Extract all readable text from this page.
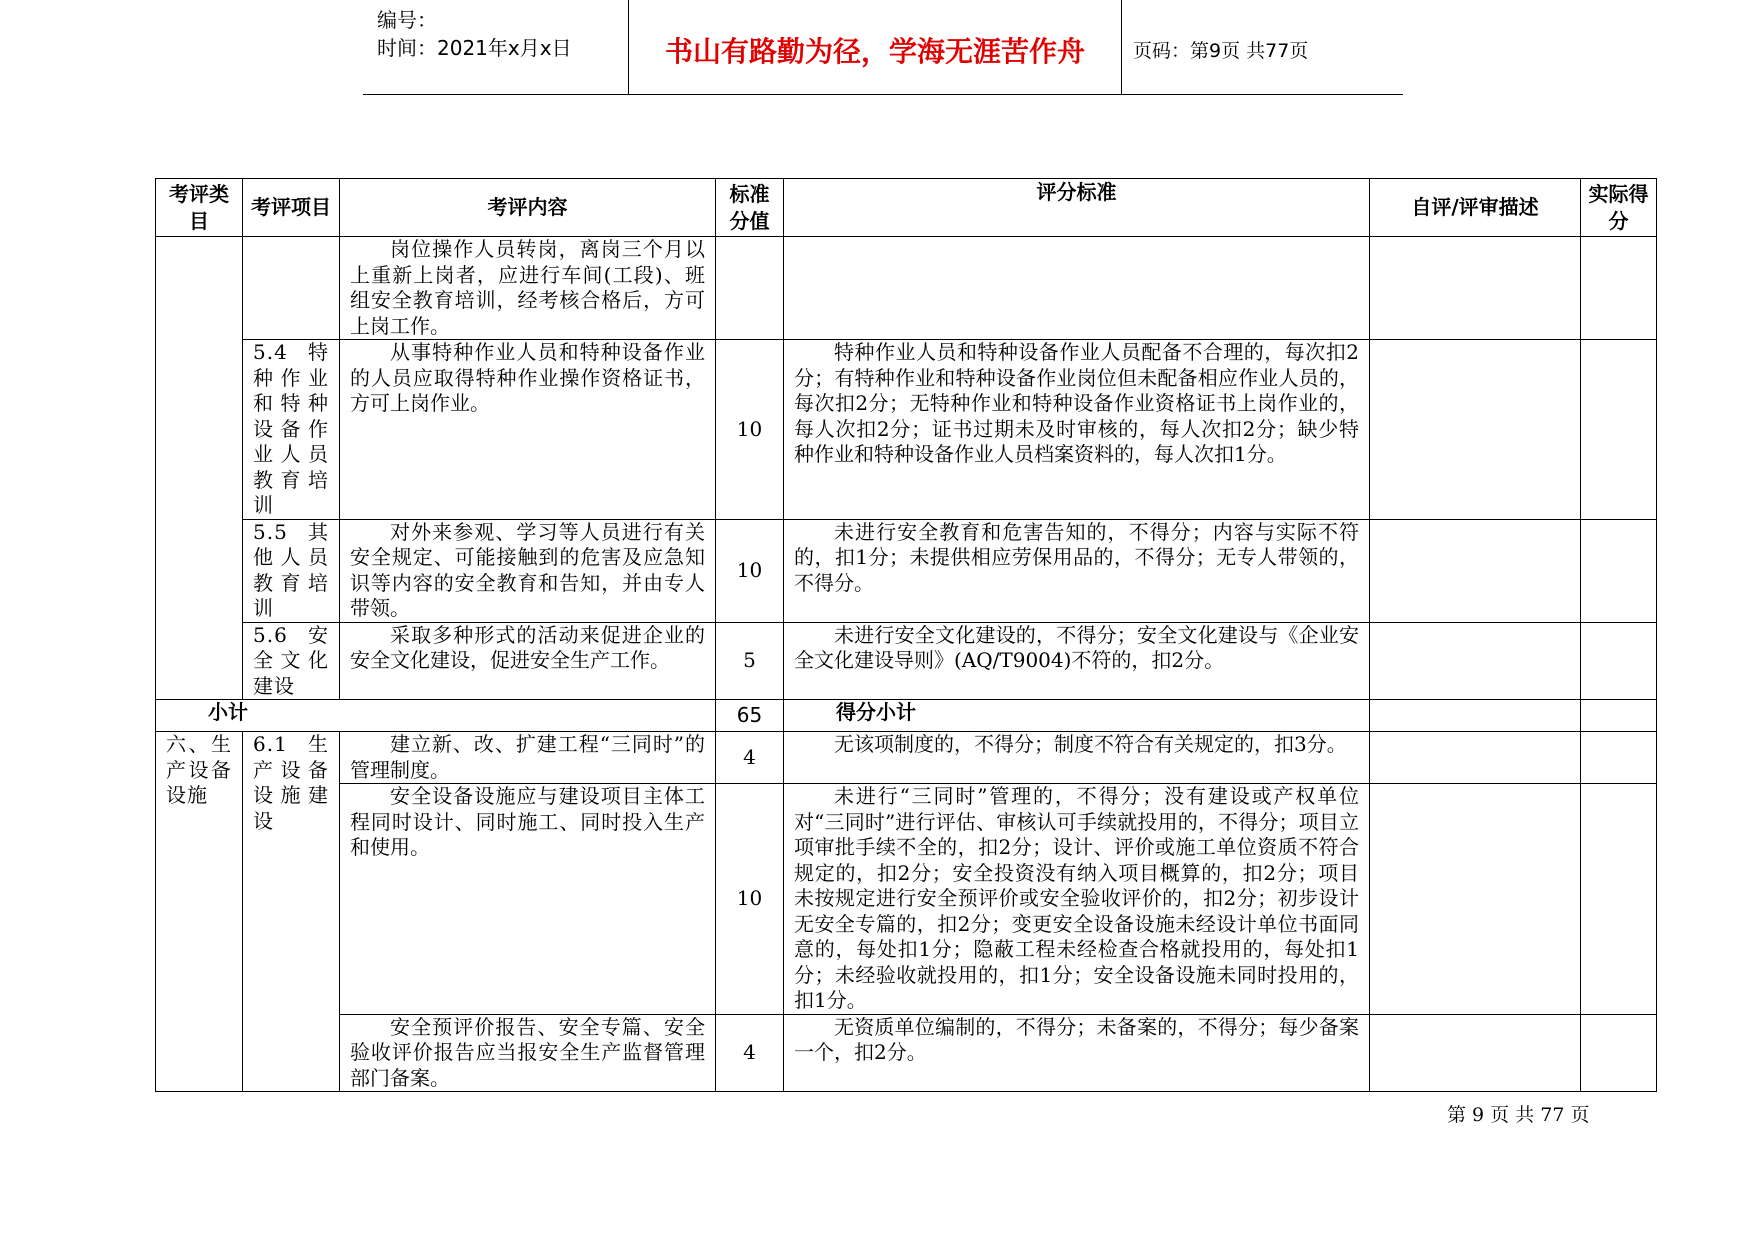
编号：
时间：2021年x月x日	书山有路勤为径，学海无涯苦作舟	页码：第9页 共77页
考评类目	考评项目	考评内容	标准分值	评分标准	自评/评审描述	实际得分
		岗位操作人员转岗，离岗三个月以上重新上岗者，应进行车间(工段)、班组安全教育培训，经考核合格后，方可上岗工作。				
	5.4 特种作业和特种设备作业人员教育培训	从事特种作业人员和特种设备作业的人员应取得特种作业操作资格证书，方可上岗作业。	10	特种作业人员和特种设备作业人员配备不合理的，每次扣2分；有特种作业和特种设备作业岗位但未配备相应作业人员的，每次扣2分；无特种作业和特种设备作业资格证书上岗作业的，每人次扣2分；证书过期未及时审核的，每人次扣2分；缺少特种作业和特种设备作业人员档案资料的，每人次扣1分。		
	5.5 其他人员教育培训	对外来参观、学习等人员进行有关安全规定、可能接触到的危害及应急知识等内容的安全教育和告知，并由专人带领。	10	未进行安全教育和危害告知的，不得分；内容与实际不符的，扣1分；未提供相应劳保用品的，不得分；无专人带领的，不得分。		
	5.6 安全文化建设	采取多种形式的活动来促进企业的安全文化建设，促进安全生产工作。	5	未进行安全文化建设的，不得分；安全文化建设与《企业安全文化建设导则》(AQ/T9004)不符的，扣2分。		
小计			65	得分小计		
六、生产设备设施	6.1 生产设备设施建设	建立新、改、扩建工程“三同时”的管理制度。	4	无该项制度的，不得分；制度不符合有关规定的，扣3分。		
		安全设备设施应与建设项目主体工程同时设计、同时施工、同时投入生产和使用。	10	未进行“三同时”管理的，不得分；没有建设或产权单位对“三同时”进行评估、审核认可手续就投用的，不得分；项目立项审批手续不全的，扣2分；设计、评价或施工单位资质不符合规定的，扣2分；安全投资没有纳入项目概算的，扣2分；项目未按规定进行安全预评价或安全验收评价的，扣2分；初步设计无安全专篇的，扣2分；变更安全设备设施未经设计单位书面同意的，每处扣1分；隐蔽工程未经检查合格就投用的，每处扣1分；未经验收就投用的，扣1分；安全设备设施未同时投用的，扣1分。		
		安全预评价报告、安全专篇、安全验收评价报告应当报安全生产监督管理部门备案。	4	无资质单位编制的，不得分；未备案的，不得分；每少备案一个，扣2分。		
第 9 页 共 77 页
